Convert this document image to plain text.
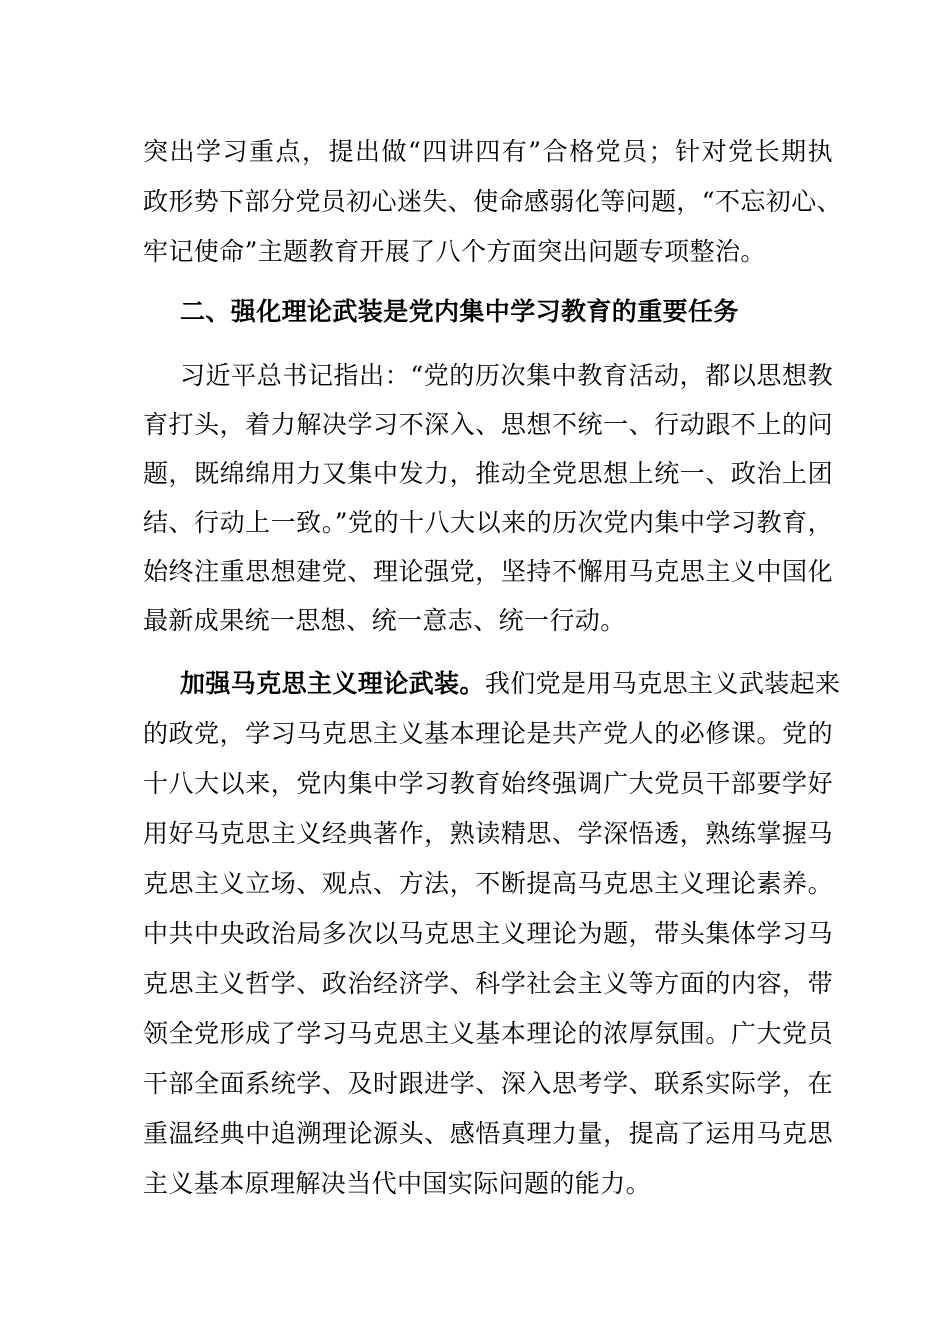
突出学习重点，提出做“四讲四有”合格党员；针对党长期执
政形势下部分党员初心迷失、使命感弱化等问题，“不忘初心、
牢记使命”主题教育开展了八个方面突出问题专项整治。
二、强化理论武装是党内集中学习教育的重要任务
习近平总书记指出：“党的历次集中教育活动，都以思想教
育打头，着力解决学习不深入、思想不统一、行动跟不上的问
题，既绵绵用力又集中发力，推动全党思想上统一、政治上团
结、行动上一致。”党的十八大以来的历次党内集中学习教育，
始终注重思想建党、理论强党，坚持不懈用马克思主义中国化
最新成果统一思想、统一意志、统一行动。
加强马克思主义理论武装。我们党是用马克思主义武装起来
的政党，学习马克思主义基本理论是共产党人的必修课。党的
十八大以来，党内集中学习教育始终强调广大党员干部要学好
用好马克思主义经典著作，熟读精思、学深悟透，熟练掌握马
克思主义立场、观点、方法，不断提高马克思主义理论素养。
中共中央政治局多次以马克思主义理论为题，带头集体学习马
克思主义哲学、政治经济学、科学社会主义等方面的内容，带
领全党形成了学习马克思主义基本理论的浓厚氛围。广大党员
干部全面系统学、及时跟进学、深入思考学、联系实际学，在
重温经典中追溯理论源头、感悟真理力量，提高了运用马克思
主义基本原理解决当代中国实际问题的能力。
